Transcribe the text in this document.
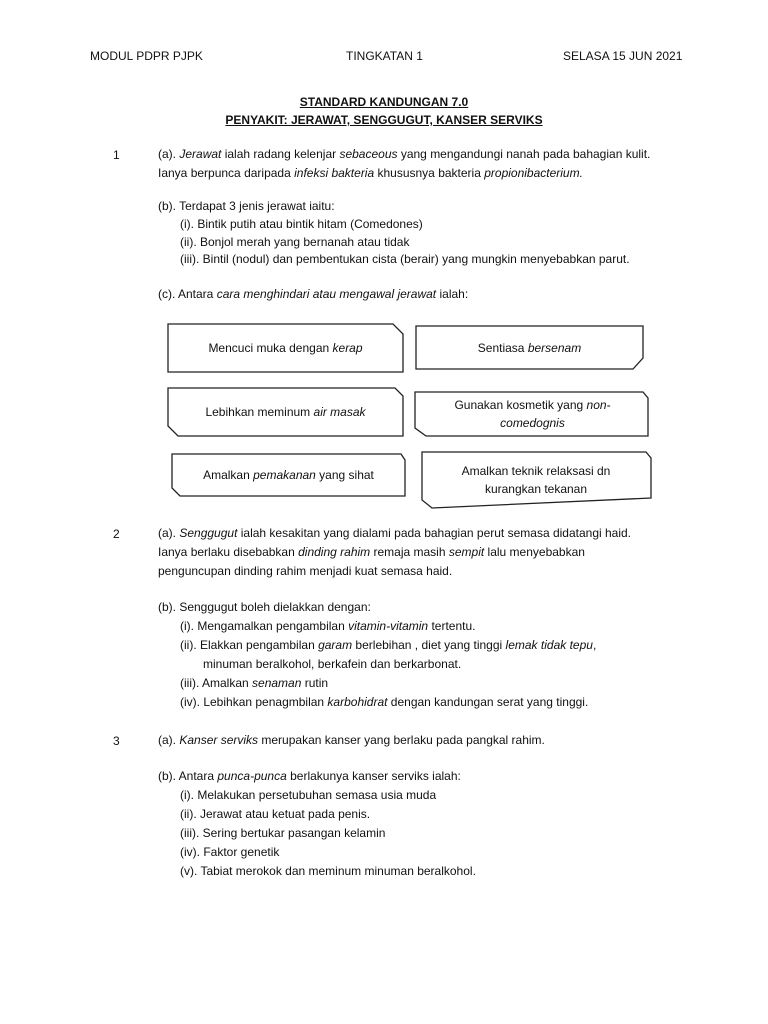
MODUL PDPR PJPK	TINGKATAN 1	SELASA 15 JUN 2021
STANDARD KANDUNGAN 7.0
PENYAKIT: JERAWAT, SENGGUGUT, KANSER SERVIKS
1	(a). Jerawat ialah radang kelenjar sebaceous yang mengandungi nanah pada bahagian kulit.
Ianya berpunca daripada infeksi bakteria khususnya bakteria propionibacterium.
(b). Terdapat 3 jenis jerawat iaitu:
(i). Bintik putih atau bintik hitam (Comedones)
(ii). Bonjol merah yang bernanah atau tidak
(iii). Bintil (nodul) dan pembentukan cista (berair) yang mungkin menyebabkan parut.
(c). Antara cara menghindari atau mengawal jerawat ialah:
Mencuci muka dengan kerap	Sentiasa bersenam
Lebihkan meminum air masak	Gunakan kosmetik yang non-comedognis
Amalkan pemakanan yang sihat	Amalkan teknik relaksasi dn kurangkan tekanan
2	(a). Senggugut ialah kesakitan yang dialami pada bahagian perut semasa didatangi haid.
Ianya berlaku disebabkan dinding rahim remaja masih sempit lalu menyebabkan
penguncupan dinding rahim menjadi kuat semasa haid.
(b). Senggugut boleh dielakkan dengan:
(i). Mengamalkan pengambilan vitamin-vitamin tertentu.
(ii). Elakkan pengambilan garam berlebihan , diet yang tinggi lemak tidak tepu,
minuman beralkohol, berkafein dan berkarbonat.
(iii). Amalkan senaman rutin
(iv). Lebihkan penagmbilan karbohidrat dengan kandungan serat yang tinggi.
3	(a). Kanser serviks merupakan kanser yang berlaku pada pangkal rahim.
(b). Antara punca-punca berlakunya kanser serviks ialah:
(i). Melakukan persetubuhan semasa usia muda
(ii). Jerawat atau ketuat pada penis.
(iii). Sering bertukar pasangan kelamin
(iv). Faktor genetik
(v). Tabiat merokok dan meminum minuman beralkohol.
